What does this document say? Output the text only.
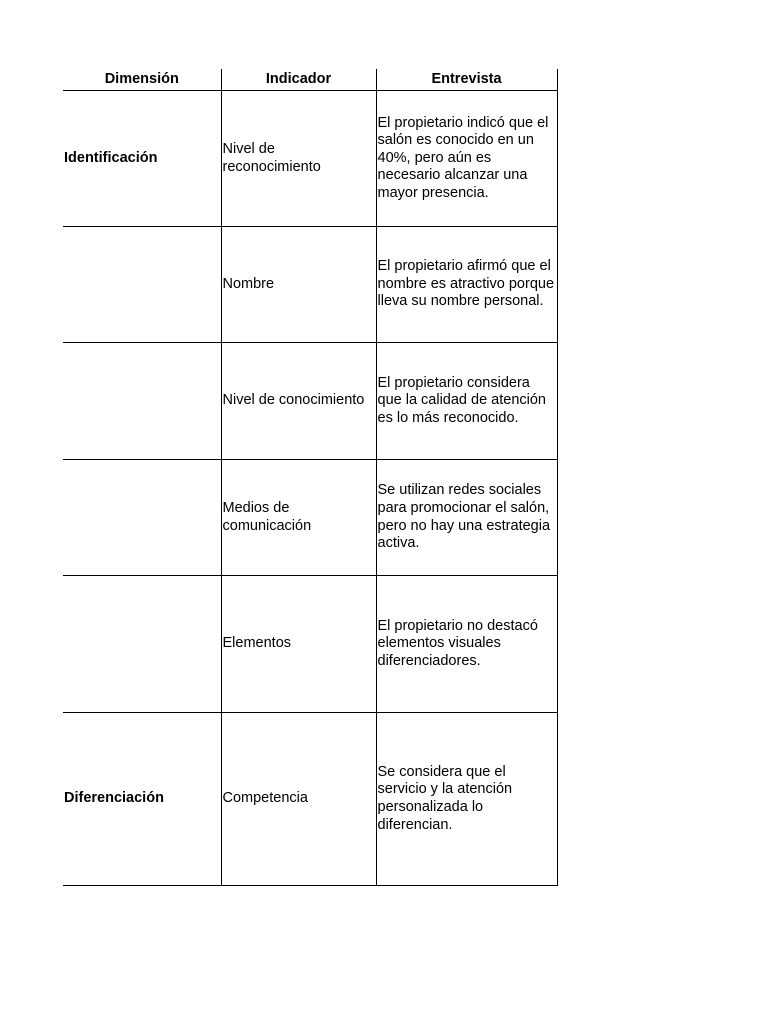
Dimensión	Indicador	Entrevista
Identificación	Nivel de reconocimiento	El propietario indicó que el salón es conocido en un 40%, pero aún es necesario alcanzar una mayor presencia.
	Nombre	El propietario afirmó que el nombre es atractivo porque lleva su nombre personal.
	Nivel de conocimiento	El propietario considera que la calidad de atención es lo más reconocido.
	Medios de comunicación	Se utilizan redes sociales para promocionar el salón, pero no hay una estrategia activa.
	Elementos	El propietario no destacó elementos visuales diferenciadores.
Diferenciación	Competencia	Se considera que el servicio y la atención personalizada lo diferencian.
